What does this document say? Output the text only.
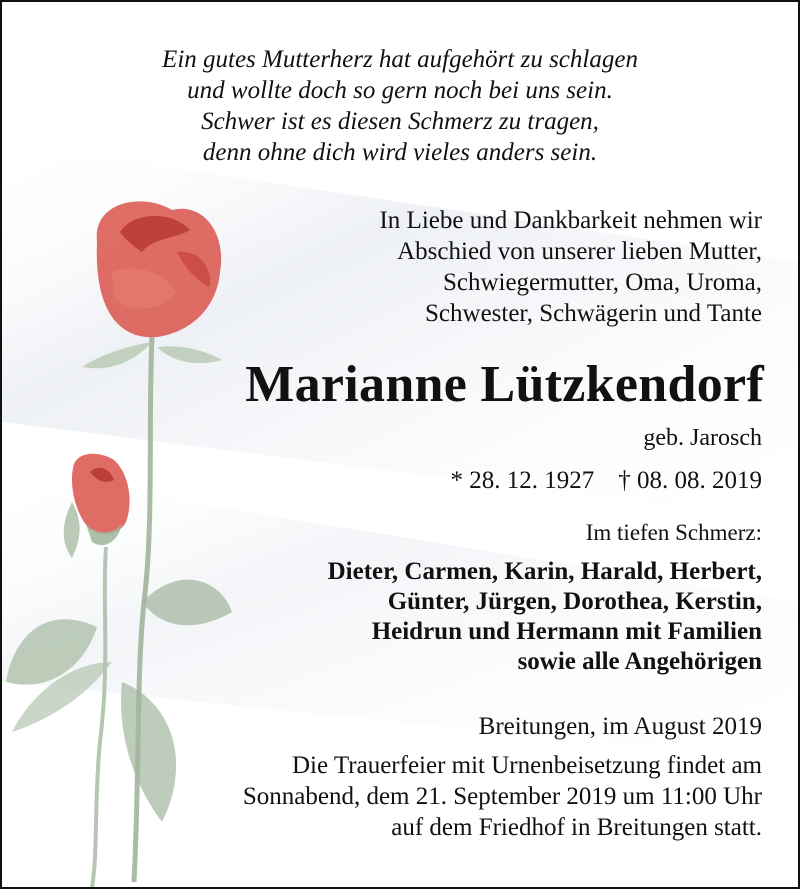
Ein gutes Mutterherz hat aufgehört zu schlagen
und wollte doch so gern noch bei uns sein.
Schwer ist es diesen Schmerz zu tragen,
denn ohne dich wird vieles anders sein.
In Liebe und Dankbarkeit nehmen wir
Abschied von unserer lieben Mutter,
Schwiegermutter, Oma, Uroma,
Schwester, Schwägerin und Tante
Marianne Lützkendorf
geb. Jarosch
* 28. 12. 1927 † 08. 08. 2019
Im tiefen Schmerz:
Dieter, Carmen, Karin, Harald, Herbert,
Günter, Jürgen, Dorothea, Kerstin,
Heidrun und Hermann mit Familien
sowie alle Angehörigen
Breitungen, im August 2019
Die Trauerfeier mit Urnenbeisetzung findet am
Sonnabend, dem 21. September 2019 um 11:00 Uhr
auf dem Friedhof in Breitungen statt.
